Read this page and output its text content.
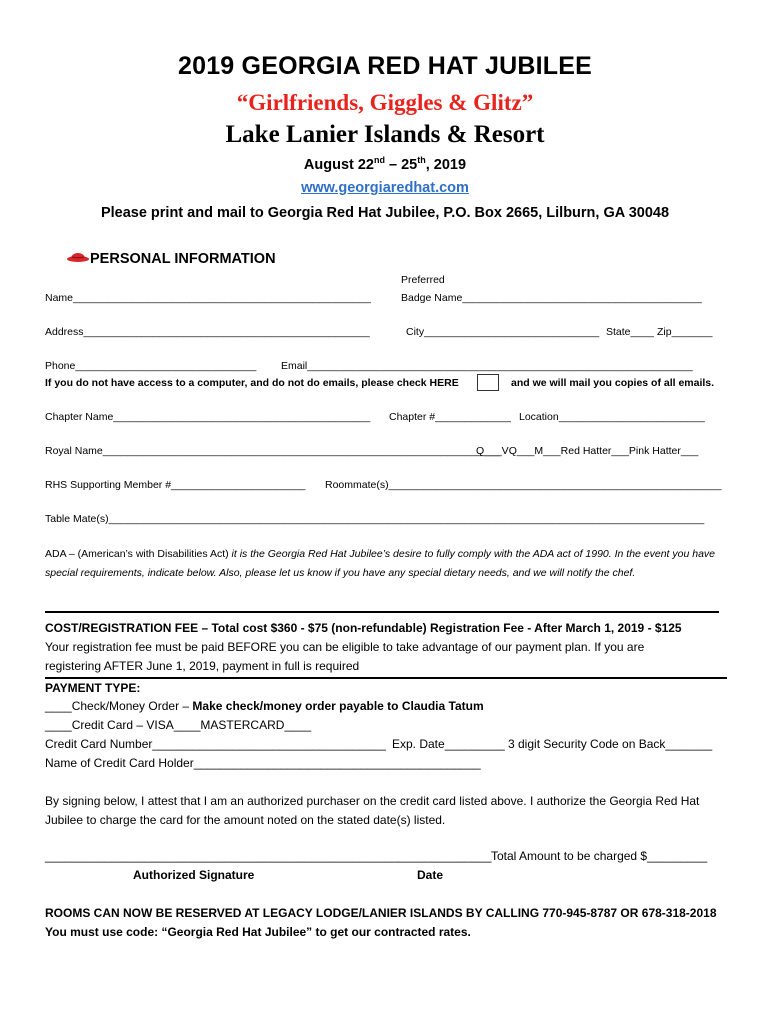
2019 GEORGIA RED HAT JUBILEE
“Girlfriends, Giggles & Glitz”
Lake Lanier Islands & Resort
August 22nd – 25th, 2019
www.georgiaredhat.com
Please print and mail to Georgia Red Hat Jubilee, P.O. Box 2665, Lilburn, GA 30048
PERSONAL INFORMATION
Preferred
Name___________________________________________________	Badge Name_________________________________________
Address_________________________________________________	City______________________________ State____ Zip_______
Phone_______________________________ Email__________________________________________________________________
If you do not have access to a computer, and do not do emails, please check HERE	and we will mail you copies of all emails.
Chapter Name____________________________________________ Chapter #_____________ Location_________________________
Royal Name____________________________________________________________________
Q___VQ___M___Red Hatter___Pink Hatter___
RHS Supporting Member #_______________________ Roommate(s)_________________________________________________________
Table Mate(s)______________________________________________________________________________________________________
ADA – (American’s with Disabilities Act) it is the Georgia Red Hat Jubilee’s desire to fully comply with the ADA act of 1990. In the event you have special requirements, indicate below. Also, please let us know if you have any special dietary needs, and we will notify the chef.
COST/REGISTRATION FEE – Total cost $360 - $75 (non-refundable) Registration Fee - After March 1, 2019 - $125
Your registration fee must be paid BEFORE you can be eligible to take advantage of our payment plan. If you are
registering AFTER June 1, 2019, payment in full is required
PAYMENT TYPE:
____Check/Money Order – Make check/money order payable to Claudia Tatum
____Credit Card – VISA____MASTERCARD____
Credit Card Number___________________________________ Exp. Date_________ 3 digit Security Code on Back_______
Name of Credit Card Holder___________________________________________
By signing below, I attest that I am an authorized purchaser on the credit card listed above. I authorize the Georgia Red Hat Jubilee to charge the card for the amount noted on the stated date(s) listed.
_____________________________________________________ ______________ Total Amount to be charged $_________
Authorized Signature	Date
ROOMS CAN NOW BE RESERVED AT LEGACY LODGE/LANIER ISLANDS BY CALLING 770-945-8787 OR 678-318-2018
You must use code: “Georgia Red Hat Jubilee” to get our contracted rates.
